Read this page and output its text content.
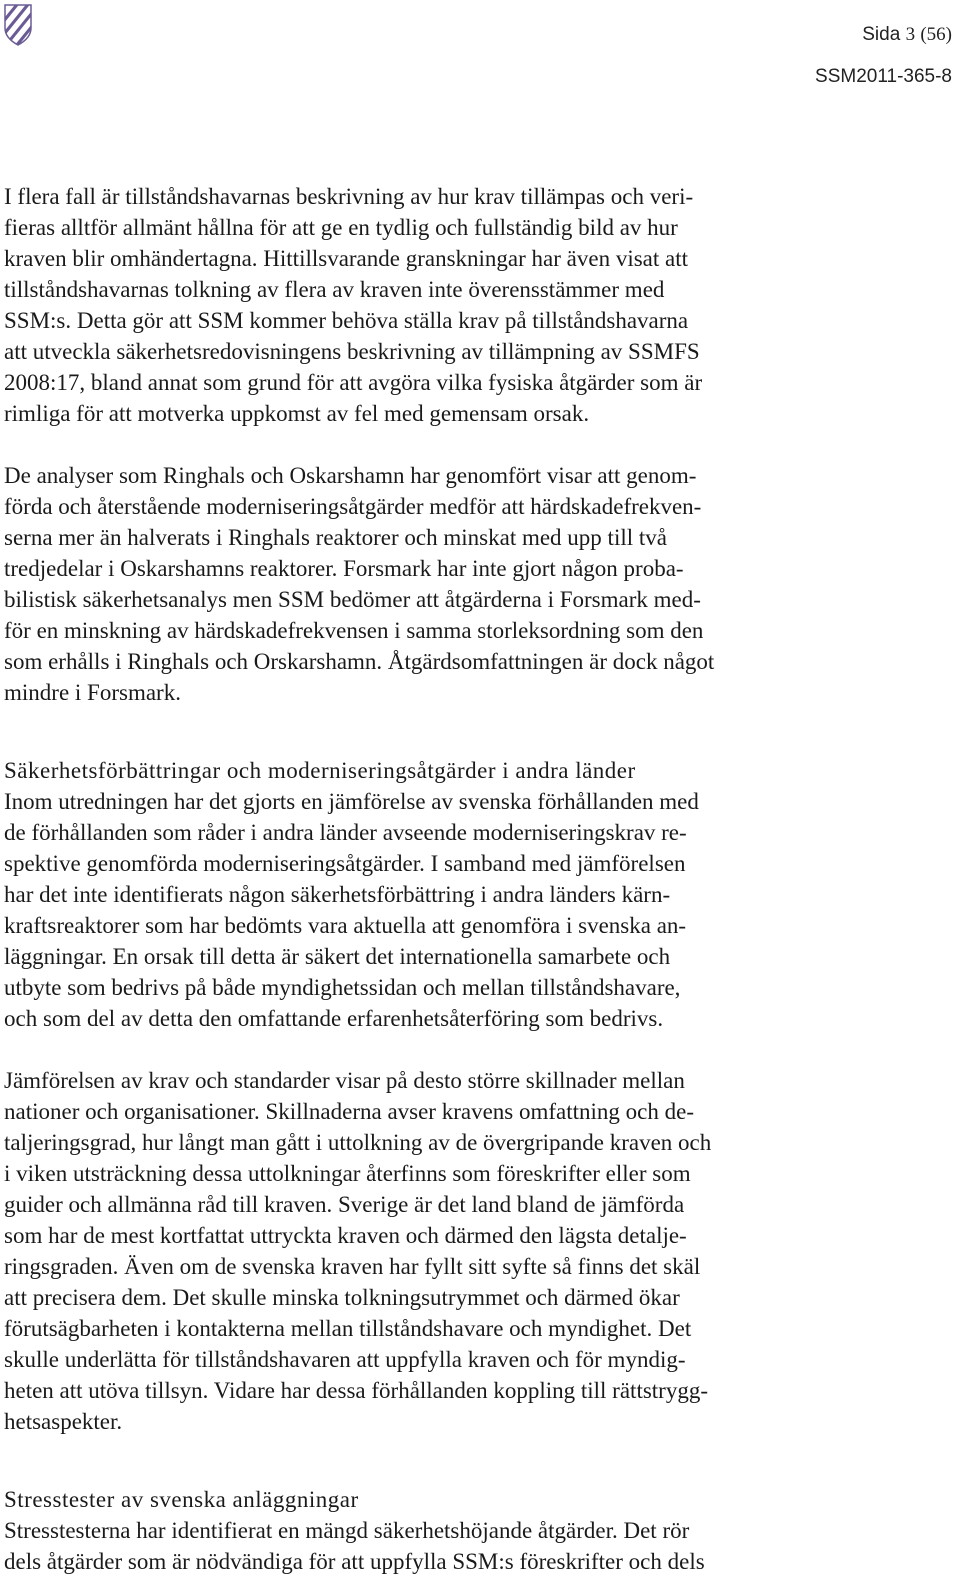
Sida 3 (56)
SSM2011-365-8

I flera fall är tillståndshavarnas beskrivning av hur krav tillämpas och veri-
fieras alltför allmänt hållna för att ge en tydlig och fullständig bild av hur
kraven blir omhändertagna. Hittillsvarande granskningar har även visat att
tillståndshavarnas tolkning av flera av kraven inte överensstämmer med
SSM:s. Detta gör att SSM kommer behöva ställa krav på tillståndshavarna
att utveckla säkerhetsredovisningens beskrivning av tillämpning av SSMFS
2008:17, bland annat som grund för att avgöra vilka fysiska åtgärder som är
rimliga för att motverka uppkomst av fel med gemensam orsak.

De analyser som Ringhals och Oskarshamn har genomfört visar att genom-
förda och återstående moderniseringsåtgärder medför att härdskadefrekven-
serna mer än halverats i Ringhals reaktorer och minskat med upp till två
tredjedelar i Oskarshamns reaktorer. Forsmark har inte gjort någon proba-
bilistisk säkerhetsanalys men SSM bedömer att åtgärderna i Forsmark med-
för en minskning av härdskadefrekvensen i samma storleksordning som den
som erhålls i Ringhals och Orskarshamn. Åtgärdsomfattningen är dock något
mindre i Forsmark.

Säkerhetsförbättringar och moderniseringsåtgärder i andra länder
Inom utredningen har det gjorts en jämförelse av svenska förhållanden med
de förhållanden som råder i andra länder avseende moderniseringskrav re-
spektive genomförda moderniseringsåtgärder. I samband med jämförelsen
har det inte identifierats någon säkerhetsförbättring i andra länders kärn-
kraftsreaktorer som har bedömts vara aktuella att genomföra i svenska an-
läggningar. En orsak till detta är säkert det internationella samarbete och
utbyte som bedrivs på både myndighetssidan och mellan tillståndshavare,
och som del av detta den omfattande erfarenhetsåterföring som bedrivs.

Jämförelsen av krav och standarder visar på desto större skillnader mellan
nationer och organisationer. Skillnaderna avser kravens omfattning och de-
taljeringsgrad, hur långt man gått i uttolkning av de övergripande kraven och
i viken utsträckning dessa uttolkningar återfinns som föreskrifter eller som
guider och allmänna råd till kraven. Sverige är det land bland de jämförda
som har de mest kortfattat uttryckta kraven och därmed den lägsta detalje-
ringsgraden. Även om de svenska kraven har fyllt sitt syfte så finns det skäl
att precisera dem. Det skulle minska tolkningsutrymmet och därmed ökar
förutsägbarheten i kontakterna mellan tillståndshavare och myndighet. Det
skulle underlätta för tillståndshavaren att uppfylla kraven och för myndig-
heten att utöva tillsyn. Vidare har dessa förhållanden koppling till rättstrygg-
hetsaspekter.

Stresstester av svenska anläggningar
Stresstesterna har identifierat en mängd säkerhetshöjande åtgärder. Det rör
dels åtgärder som är nödvändiga för att uppfylla SSM:s föreskrifter och dels
